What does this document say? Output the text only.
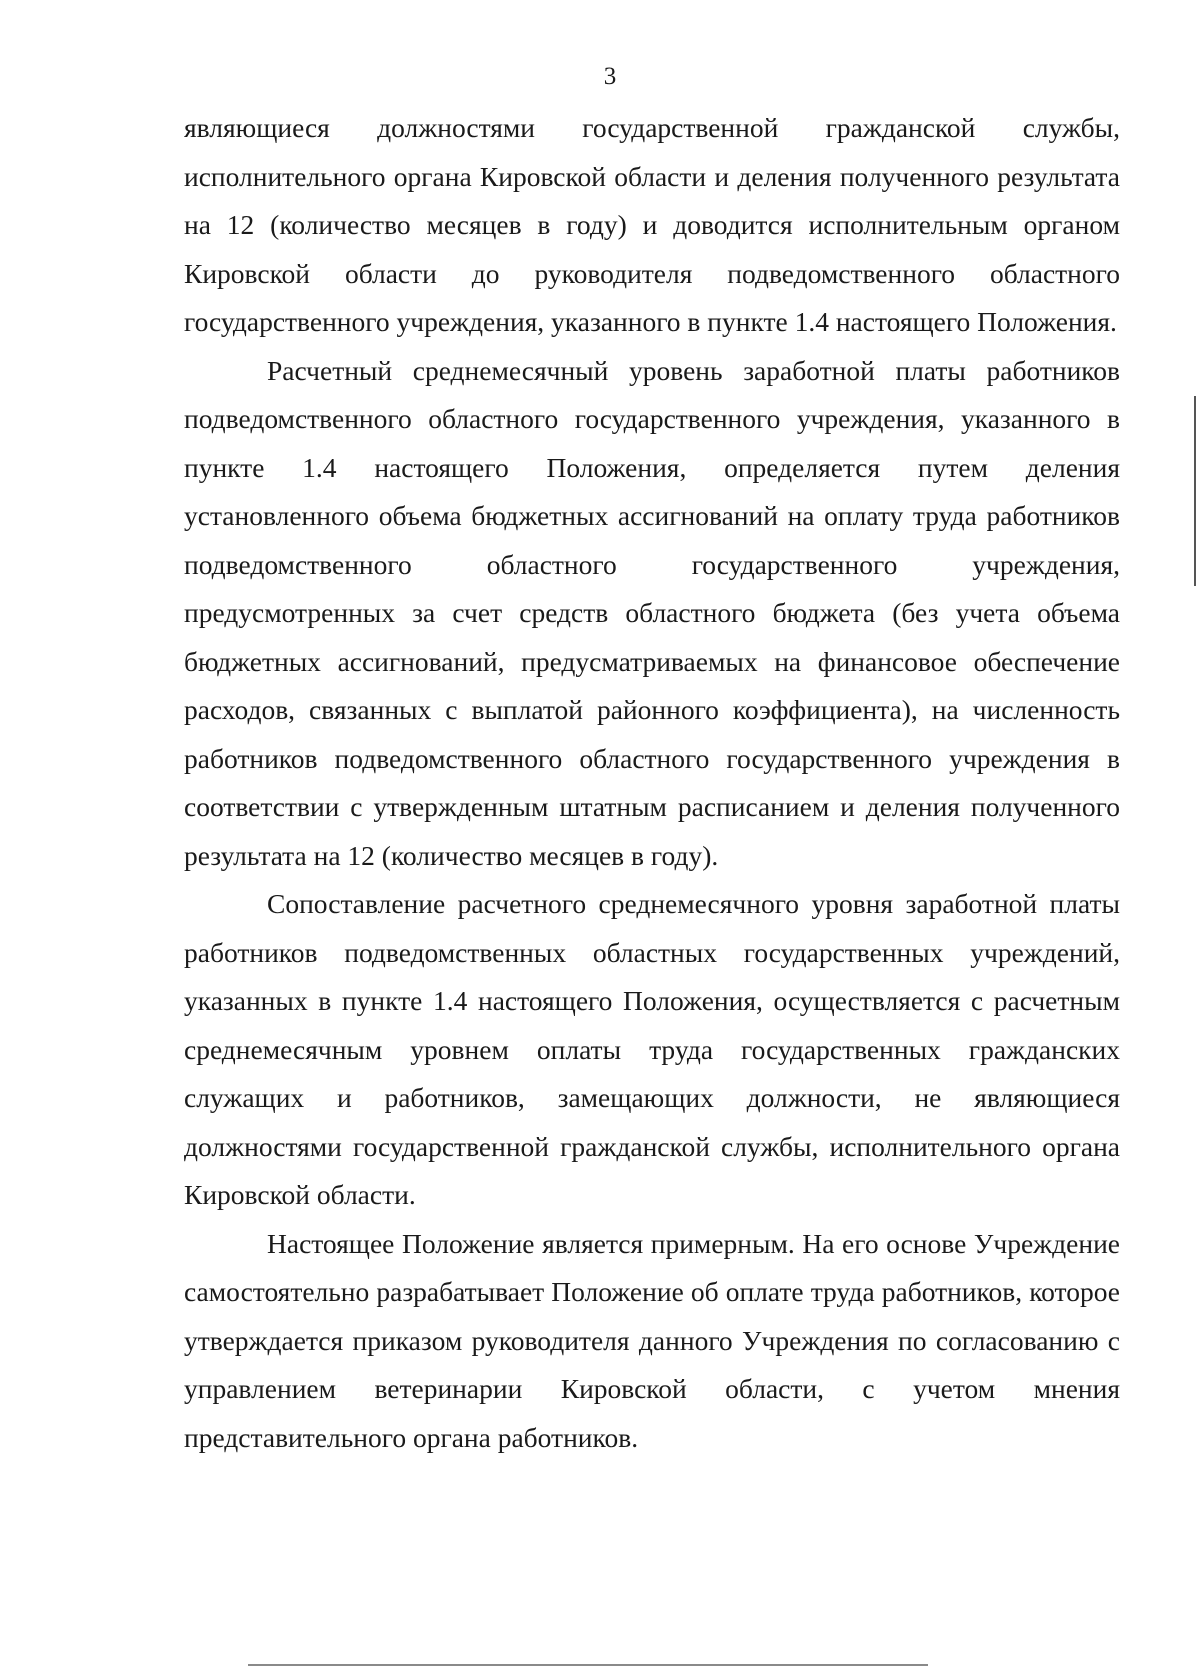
3

являющиеся должностями государственной гражданской службы, исполнительного органа Кировской области и деления полученного результата на 12 (количество месяцев в году) и доводится исполнительным органом Кировской области до руководителя подведомственного областного государственного учреждения, указанного в пункте 1.4 настоящего Положения.

Расчетный среднемесячный уровень заработной платы работников подведомственного областного государственного учреждения, указанного в пункте 1.4 настоящего Положения, определяется путем деления установленного объема бюджетных ассигнований на оплату труда работников подведомственного областного государственного учреждения, предусмотренных за счет средств областного бюджета (без учета объема бюджетных ассигнований, предусматриваемых на финансовое обеспечение расходов, связанных с выплатой районного коэффициента), на численность работников подведомственного областного государственного учреждения в соответствии с утвержденным штатным расписанием и деления полученного результата на 12 (количество месяцев в году).

Сопоставление расчетного среднемесячного уровня заработной платы работников подведомственных областных государственных учреждений, указанных в пункте 1.4 настоящего Положения, осуществляется с расчетным среднемесячным уровнем оплаты труда государственных гражданских служащих и работников, замещающих должности, не являющиеся должностями государственной гражданской службы, исполнительного органа Кировской области.

Настоящее Положение является примерным. На его основе Учреждение самостоятельно разрабатывает Положение об оплате труда работников, которое утверждается приказом руководителя данного Учреждения по согласованию с управлением ветеринарии Кировской области, с учетом мнения представительного органа работников.
